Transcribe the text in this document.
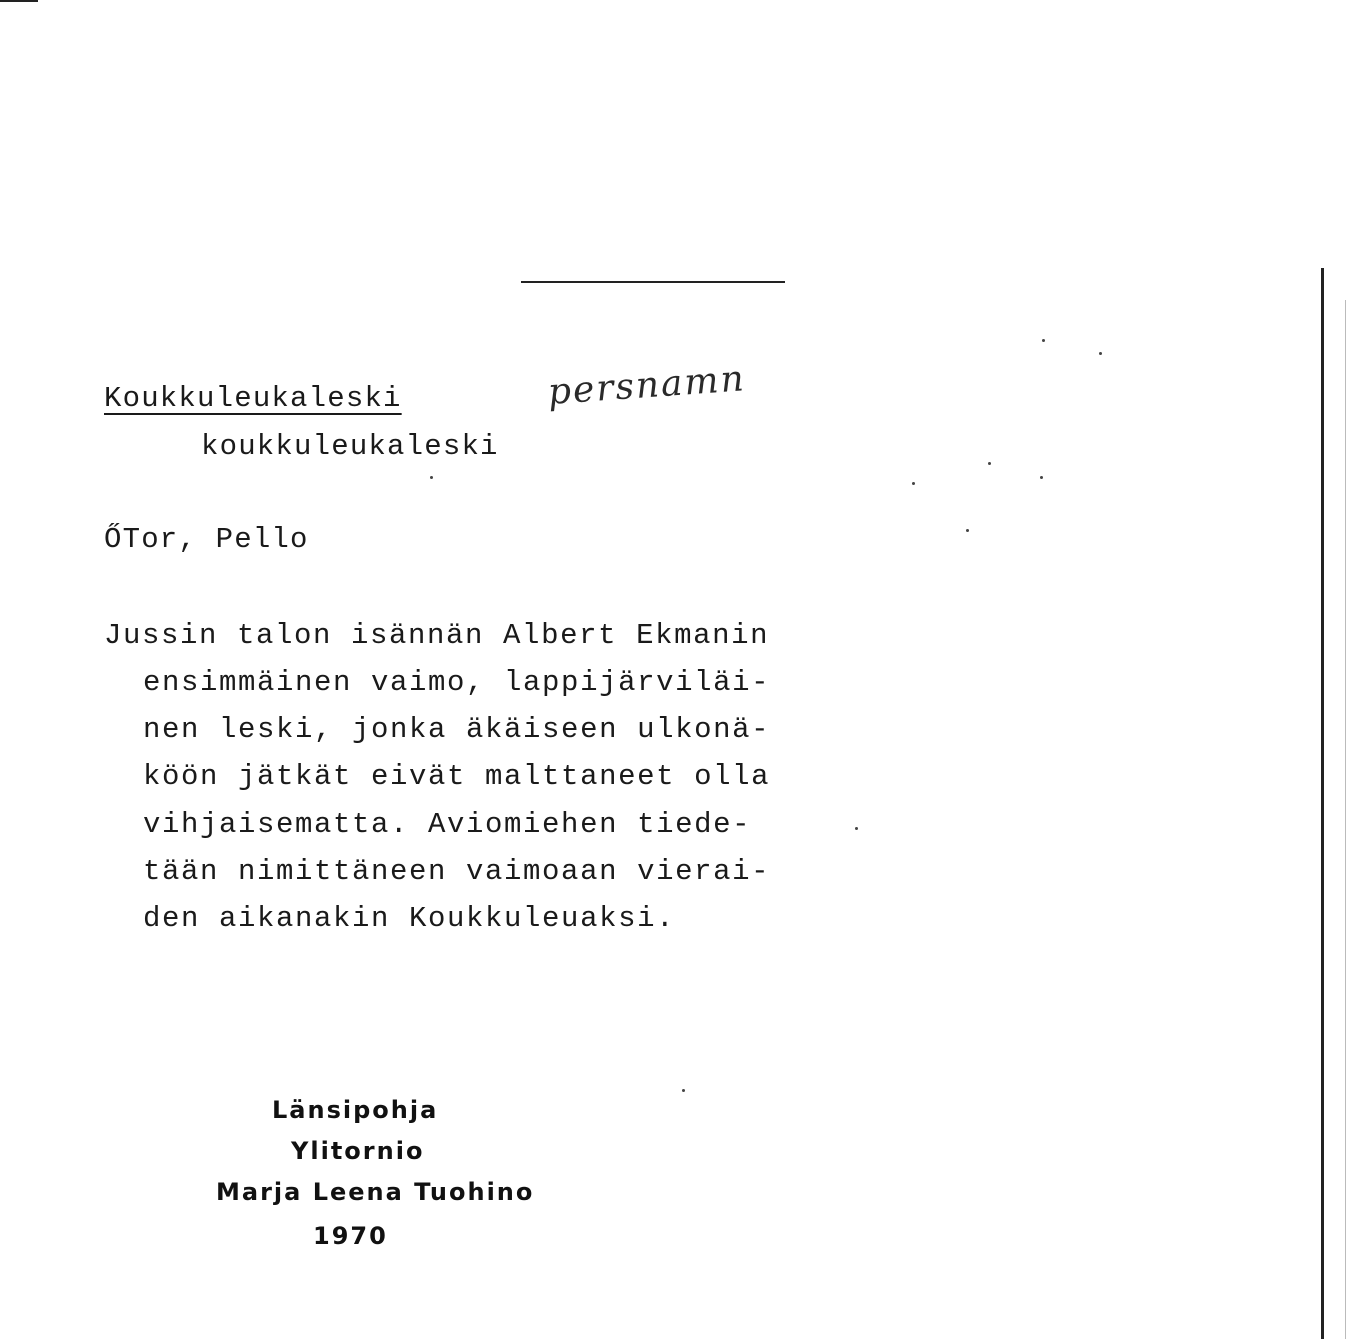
Koukkuleukaleski	persnamn
koukkuleukaleski
ŐTor, Pello
Jussin talon isännän Albert Ekmanin
ensimmäinen vaimo, lappijärviläi-
nen leski, jonka äkäiseen ulkonä-
köön jätkät eivät malttaneet olla
vihjaisematta. Aviomiehen tiede-
tään nimittäneen vaimoaan vierai-
den aikanakin Koukkuleuaksi.
Länsipohja
Ylitornio
Marja Leena Tuohino
1970
